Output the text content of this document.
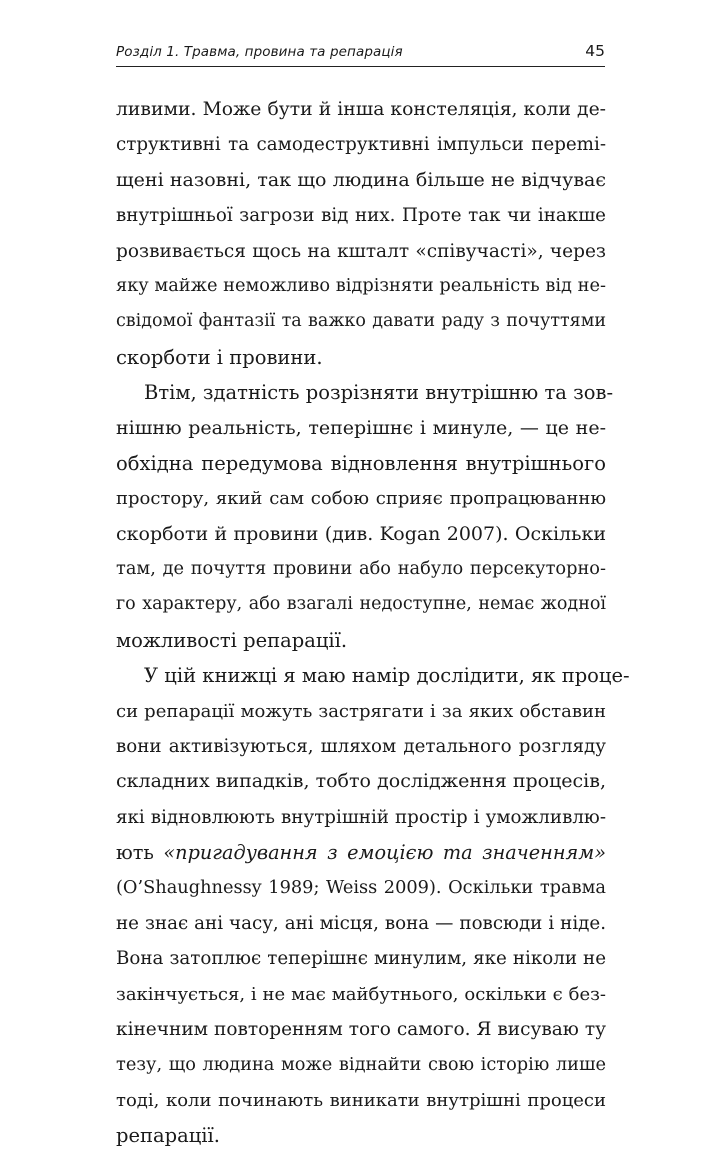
Розділ 1. Травма, провина та репарація	45
ливими. Може бути й інша констеляція, коли де-
структивні та самодеструктивні імпульси переmi-
щені назовні, так що людина більше не відчуває
внутрішньої загрози від них. Проте так чи інакше
розвивається щось на кшталт «співучасті», через
яку майже неможливо відрізняти реальність від не-
свідомої фантазії та важко давати раду з почуттями
скорботи і провини.
Втім, здатність розрізняти внутрішню та зов-
нішню реальність, теперішнє і минуле, — це не-
обхідна передумова відновлення внутрішнього
простору, який сам собою сприяє пропрацюванню
скорботи й провини (див. Kogan 2007). Оскільки
там, де почуття провини або набуло персекуторно-
го характеру, або взагалі недоступне, немає жодної
можливості репарації.
У цій книжці я маю намір дослідити, як проце-
си репарації можуть застрягати і за яких обставин
вони активізуються, шляхом детального розгляду
складних випадків, тобто дослідження процесів,
які відновлюють внутрішній простір і уможливлю-
ють «пригадування з емоцією та значенням»
(O’Shaughnessy 1989; Weiss 2009). Оскільки травма
не знає ані часу, ані місця, вона — повсюди і ніде.
Вона затоплює теперішнє минулим, яке ніколи не
закінчується, і не має майбутнього, оскільки є без-
кінечним повторенням того самого. Я висуваю ту
тезу, що людина може віднайти свою історію лише
тоді, коли починають виникати внутрішні процеси
репарації.
